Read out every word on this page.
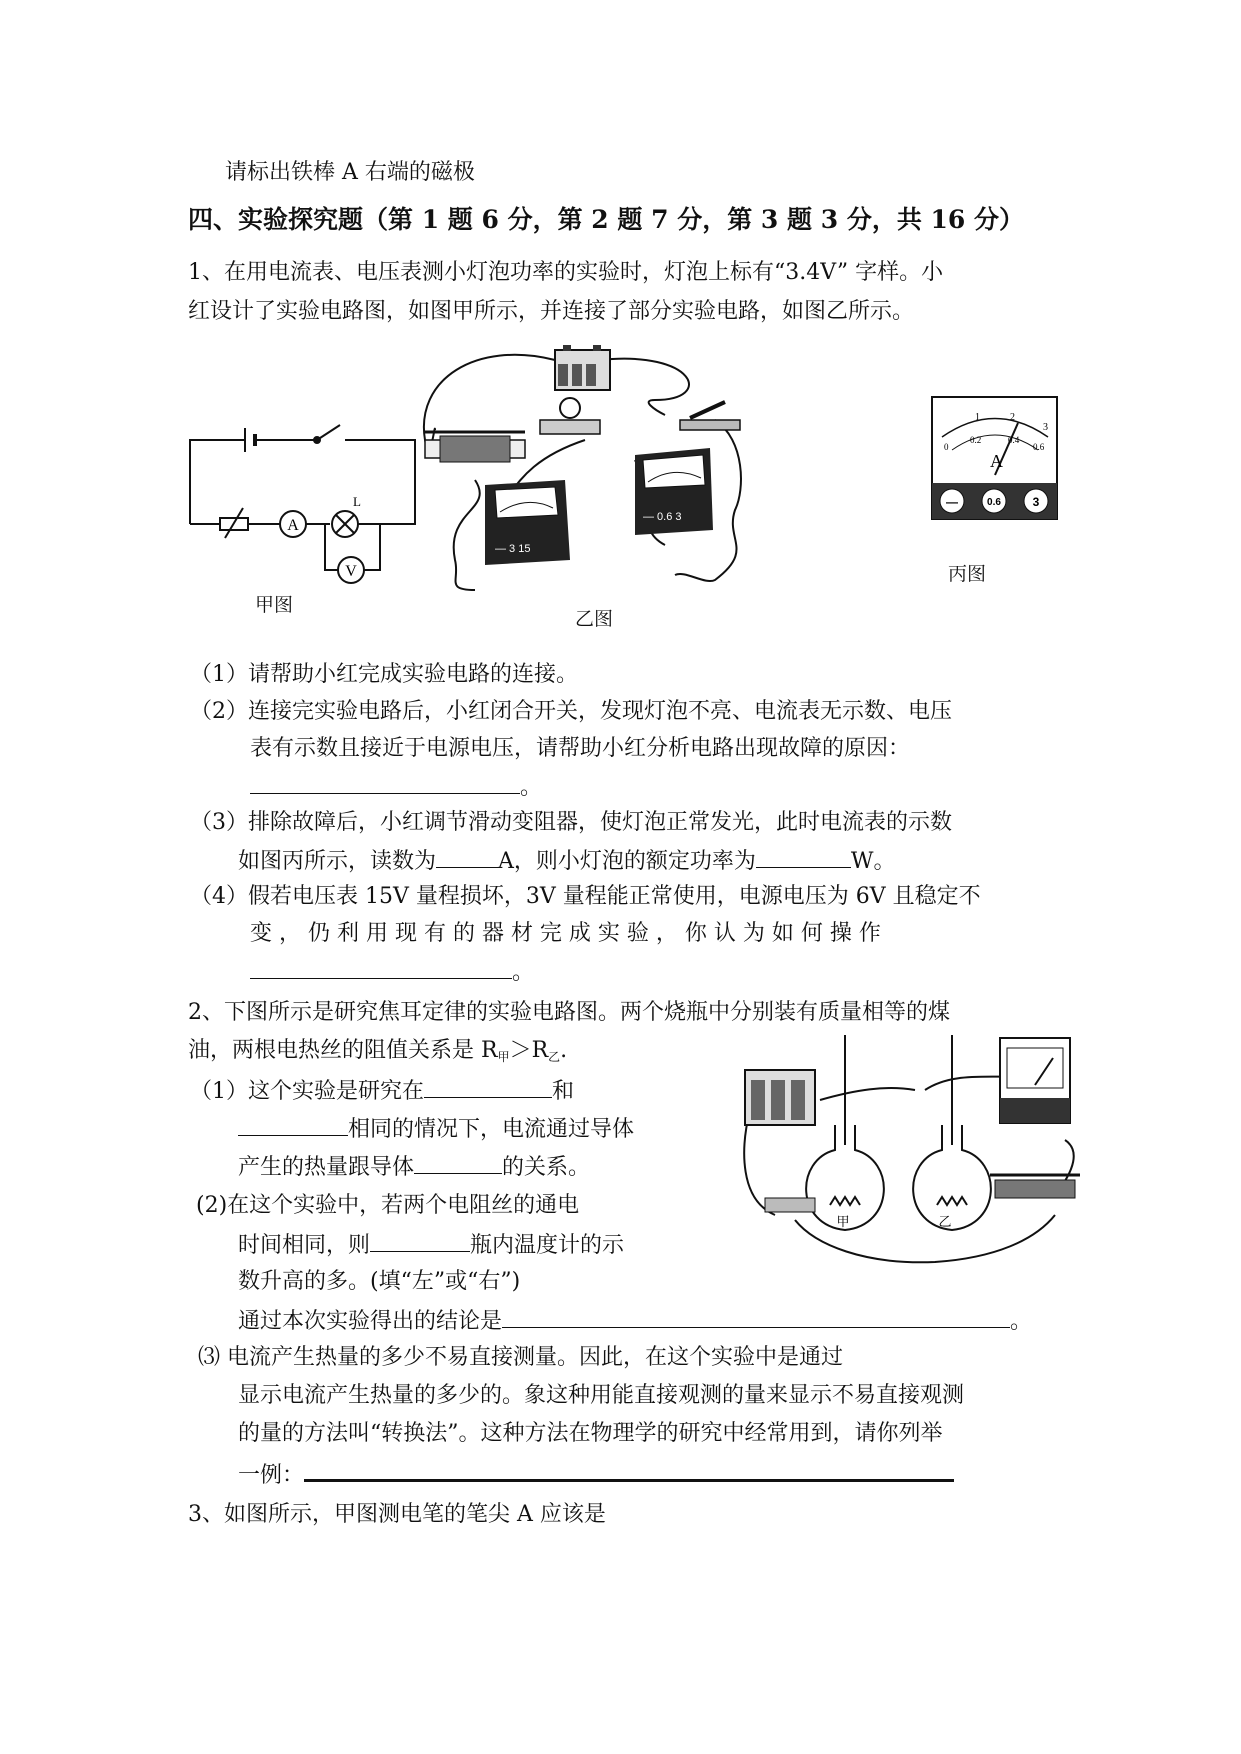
请标出铁棒 A 右端的磁极
四、实验探究题（第 1 题 6 分，第 2 题 7 分，第 3 题 3 分，共 16 分）
1、在用电流表、电压表测小灯泡功率的实验时，灯泡上标有“3.4V” 字样。小
红设计了实验电路图，如图甲所示，并连接了部分实验电路，如图乙所示。
A
V
L
甲图
— 3 15
— 0.6 3
乙图
0
0.2	0.4
0.6
1	2
3
A
—	0.6	3
丙图
（1）请帮助小红完成实验电路的连接。
（2）连接完实验电路后，小红闭合开关，发现灯泡不亮、电流表无示数、电压
表有示数且接近于电源电压，请帮助小红分析电路出现故障的原因：
。
（3）排除故障后，小红调节滑动变阻器，使灯泡正常发光，此时电流表的示数
如图丙所示，读数为	A，则小灯泡的额定功率为	W。
（4）假若电压表 15V 量程损坏，3V 量程能正常使用，电源电压为 6V 且稳定不
变 ， 仍 利 用 现 有 的 器 材 完 成 实 验 ， 你 认 为 如 何 操 作
。
2、下图所示是研究焦耳定律的实验电路图。两个烧瓶中分别装有质量相等的煤
油，两根电热丝的阻值关系是 $R_甲>R_乙$.
（1）这个实验是研究在	和
相同的情况下，电流通过导体
产生的热量跟导体	的关系。
(2)在这个实验中，若两个电阻丝的通电
时间相同，则	瓶内温度计的示
数升高的多。(填“左”或“右”)
通过本次实验得出的结论是	。
甲	乙
⑶ 电流产生热量的多少不易直接测量。因此，在这个实验中是通过
显示电流产生热量的多少的。象这种用能直接观测的量来显示不易直接观测
的量的方法叫“转换法”。这种方法在物理学的研究中经常用到，请你列举
一例：
3、如图所示，甲图测电笔的笔尖 A 应该是
